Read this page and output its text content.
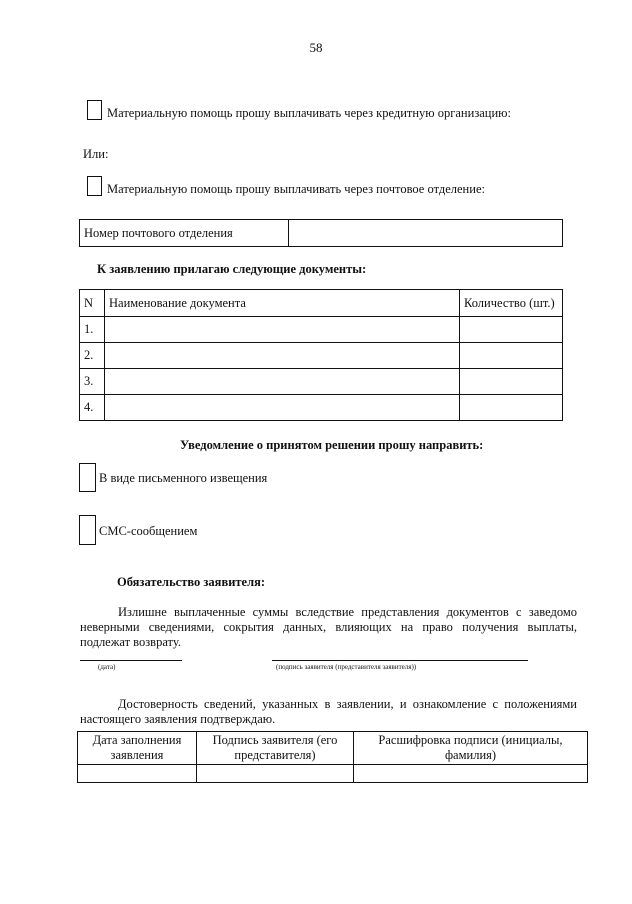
58
Материальную помощь прошу выплачивать через кредитную организацию:
Или:
Материальную помощь прошу выплачивать через почтовое отделение:
Номер почтового отделения	
К заявлению прилагаю следующие документы:
N	Наименование документа	Количество (шт.)
1.		
2.		
3.		
4.		
Уведомление о принятом решении прошу направить:
В виде письменного извещения
СМС-сообщением
Обязательство заявителя:
Излишне выплаченные суммы вследствие представления документов с заведомо неверными сведениями, сокрытия данных, влияющих на право получения выплаты, подлежат возврату.
(дата)	(подпись заявителя (представителя заявителя))
Достоверность сведений, указанных в заявлении, и ознакомление с положениями настоящего заявления подтверждаю.
Дата заполнения заявления	Подпись заявителя (его представителя)	Расшифровка подписи (инициалы, фамилия)
